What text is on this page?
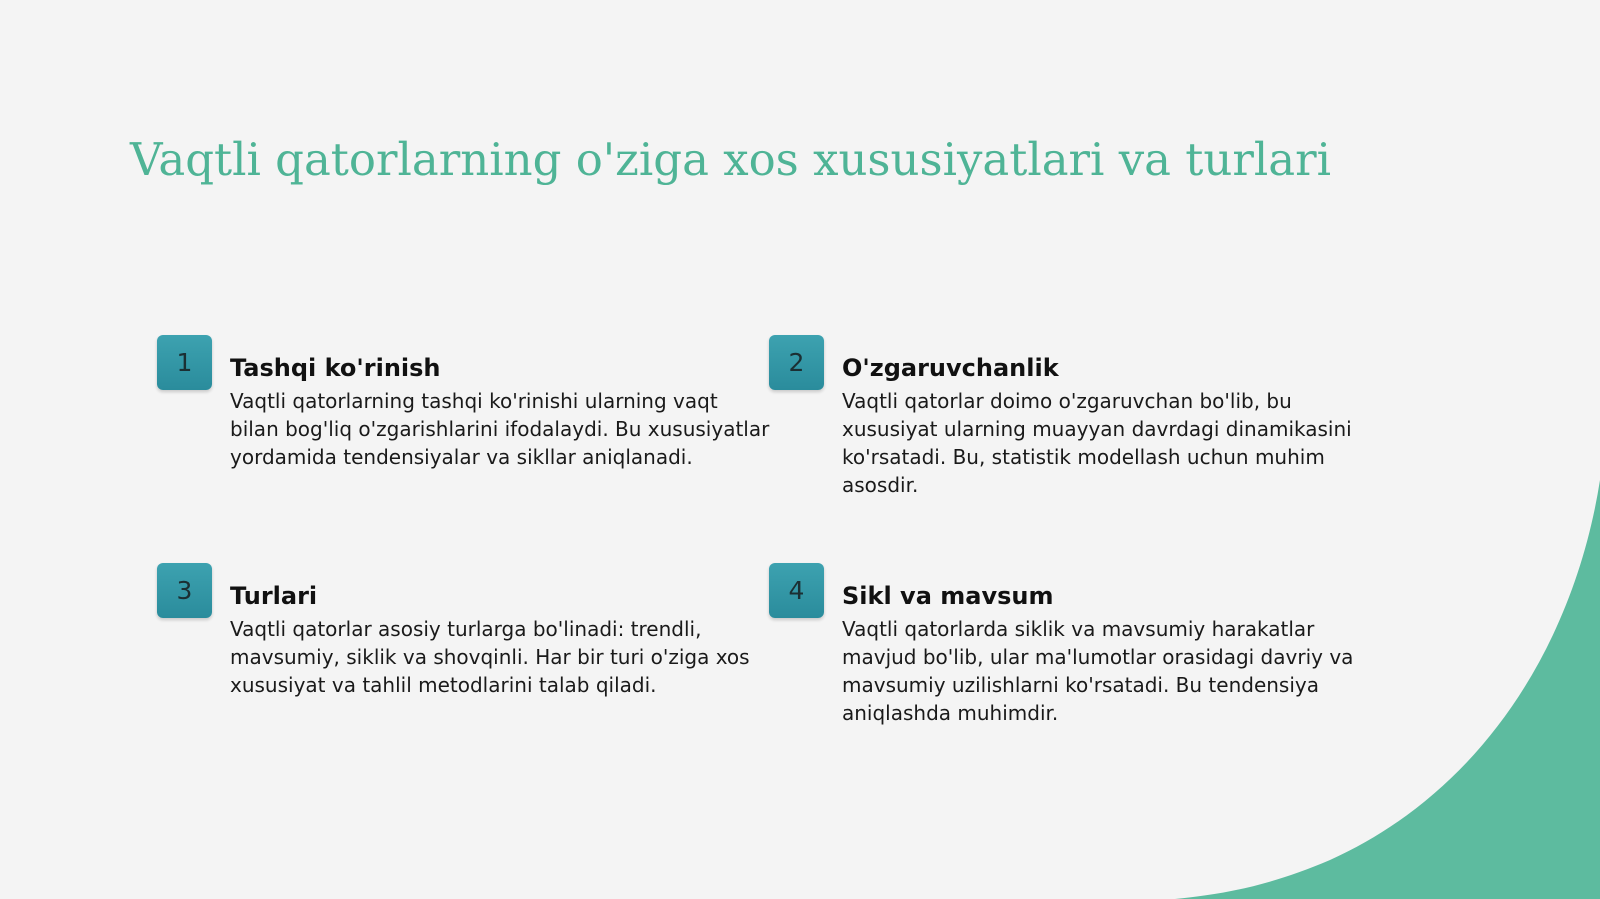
Vaqtli qatorlarning o'ziga xos xususiyatlari va turlari
1	Tashqi ko'rinish

Vaqtli qatorlarning tashqi ko'rinishi ularning vaqt bilan bog'liq o'zgarishlarini ifodalaydi. Bu xususiyatlar yordamida tendensiyalar va sikllar aniqlanadi.

2	O'zgaruvchanlik

Vaqtli qatorlar doimo o'zgaruvchan bo'lib, bu xususiyat ularning muayyan davrdagi dinamikasini ko'rsatadi. Bu, statistik modellash uchun muhim asosdir.

3	Turlari

Vaqtli qatorlar asosiy turlarga bo'linadi: trendli, mavsumiy, siklik va shovqinli. Har bir turi o'ziga xos xususiyat va tahlil metodlarini talab qiladi.

4	Sikl va mavsum

Vaqtli qatorlarda siklik va mavsumiy harakatlar mavjud bo'lib, ular ma'lumotlar orasidagi davriy va mavsumiy uzilishlarni ko'rsatadi. Bu tendensiya aniqlashda muhimdir.
